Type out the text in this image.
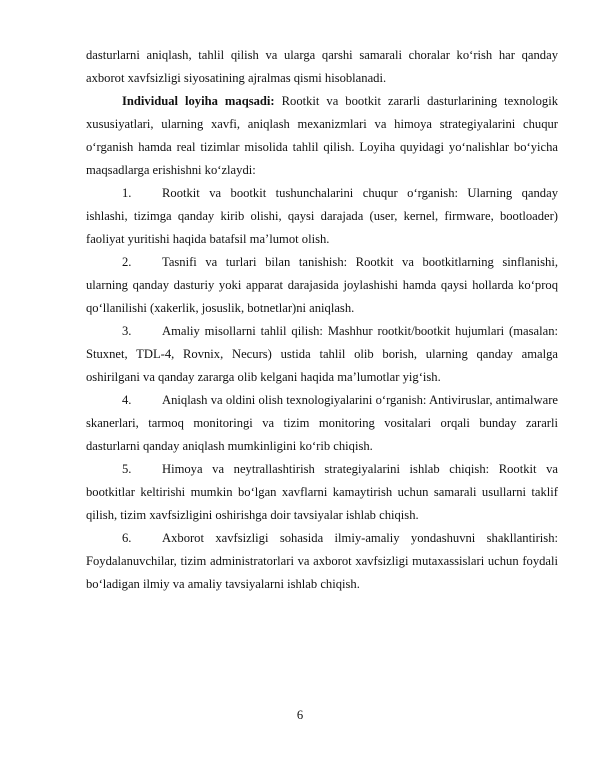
dasturlarni aniqlash, tahlil qilish va ularga qarshi samarali choralar ko‘rish har qanday axborot xavfsizligi siyosatining ajralmas qismi hisoblanadi.

Individual loyiha maqsadi: Rootkit va bootkit zararli dasturlarining texnologik xususiyatlari, ularning xavfi, aniqlash mexanizmlari va himoya strategiyalarini chuqur o‘rganish hamda real tizimlar misolida tahlil qilish. Loyiha quyidagi yo‘nalishlar bo‘yicha maqsadlarga erishishni ko‘zlaydi:

1. Rootkit va bootkit tushunchalarini chuqur o‘rganish: Ularning qanday ishlashi, tizimga qanday kirib olishi, qaysi darajada (user, kernel, firmware, bootloader) faoliyat yuritishi haqida batafsil ma’lumot olish.

2. Tasnifi va turlari bilan tanishish: Rootkit va bootkitlarning sinflanishi, ularning qanday dasturiy yoki apparat darajasida joylashishi hamda qaysi hollarda ko‘proq qo‘llanilishi (xakerlik, josuslik, botnetlar)ni aniqlash.

3. Amaliy misollarni tahlil qilish: Mashhur rootkit/bootkit hujumlari (masalan: Stuxnet, TDL-4, Rovnix, Necurs) ustida tahlil olib borish, ularning qanday amalga oshirilgani va qanday zararga olib kelgani haqida ma’lumotlar yig‘ish.

4. Aniqlash va oldini olish texnologiyalarini o‘rganish: Antiviruslar, antimalware skanerlari, tarmoq monitoringi va tizim monitoring vositalari orqali bunday zararli dasturlarni qanday aniqlash mumkinligini ko‘rib chiqish.

5. Himoya va neytrallashtirish strategiyalarini ishlab chiqish: Rootkit va bootkitlar keltirishi mumkin bo‘lgan xavflarni kamaytirish uchun samarali usullarni taklif qilish, tizim xavfsizligini oshirishga doir tavsiyalar ishlab chiqish.

6. Axborot xavfsizligi sohasida ilmiy-amaliy yondashuvni shakllantirish: Foydalanuvchilar, tizim administratorlari va axborot xavfsizligi mutaxassislari uchun foydali bo‘ladigan ilmiy va amaliy tavsiyalarni ishlab chiqish.

6
